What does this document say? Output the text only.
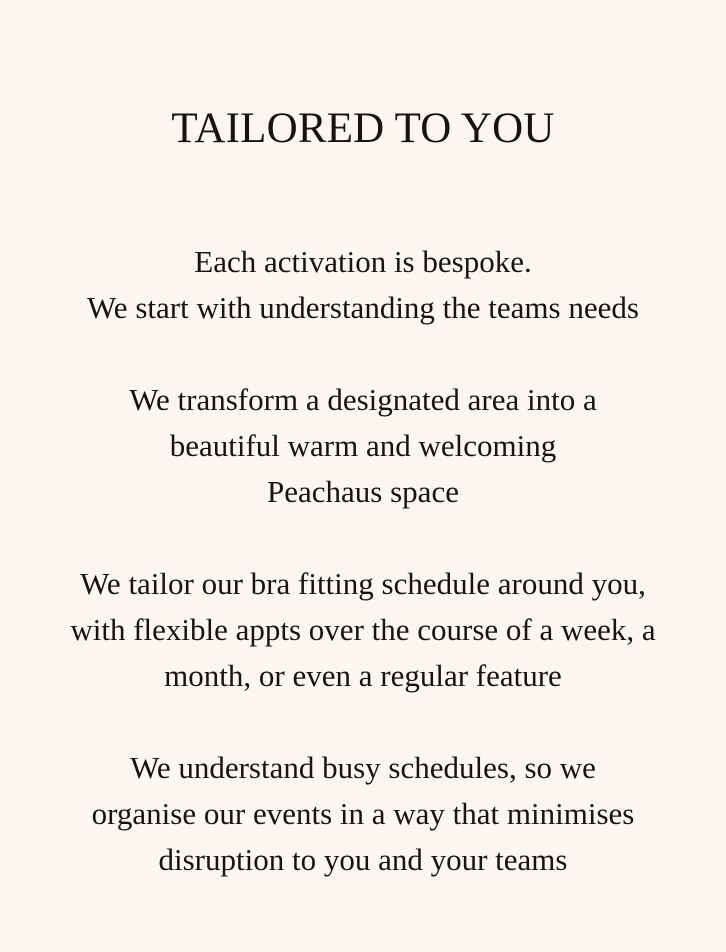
TAILORED TO YOU

Each activation is bespoke.
We start with understanding the teams needs

We transform a designated area into a
beautiful warm and welcoming
Peachaus space

We tailor our bra fitting schedule around you,
with flexible appts over the course of a week, a
month, or even a regular feature

We understand busy schedules, so we
organise our events in a way that minimises
disruption to you and your teams
